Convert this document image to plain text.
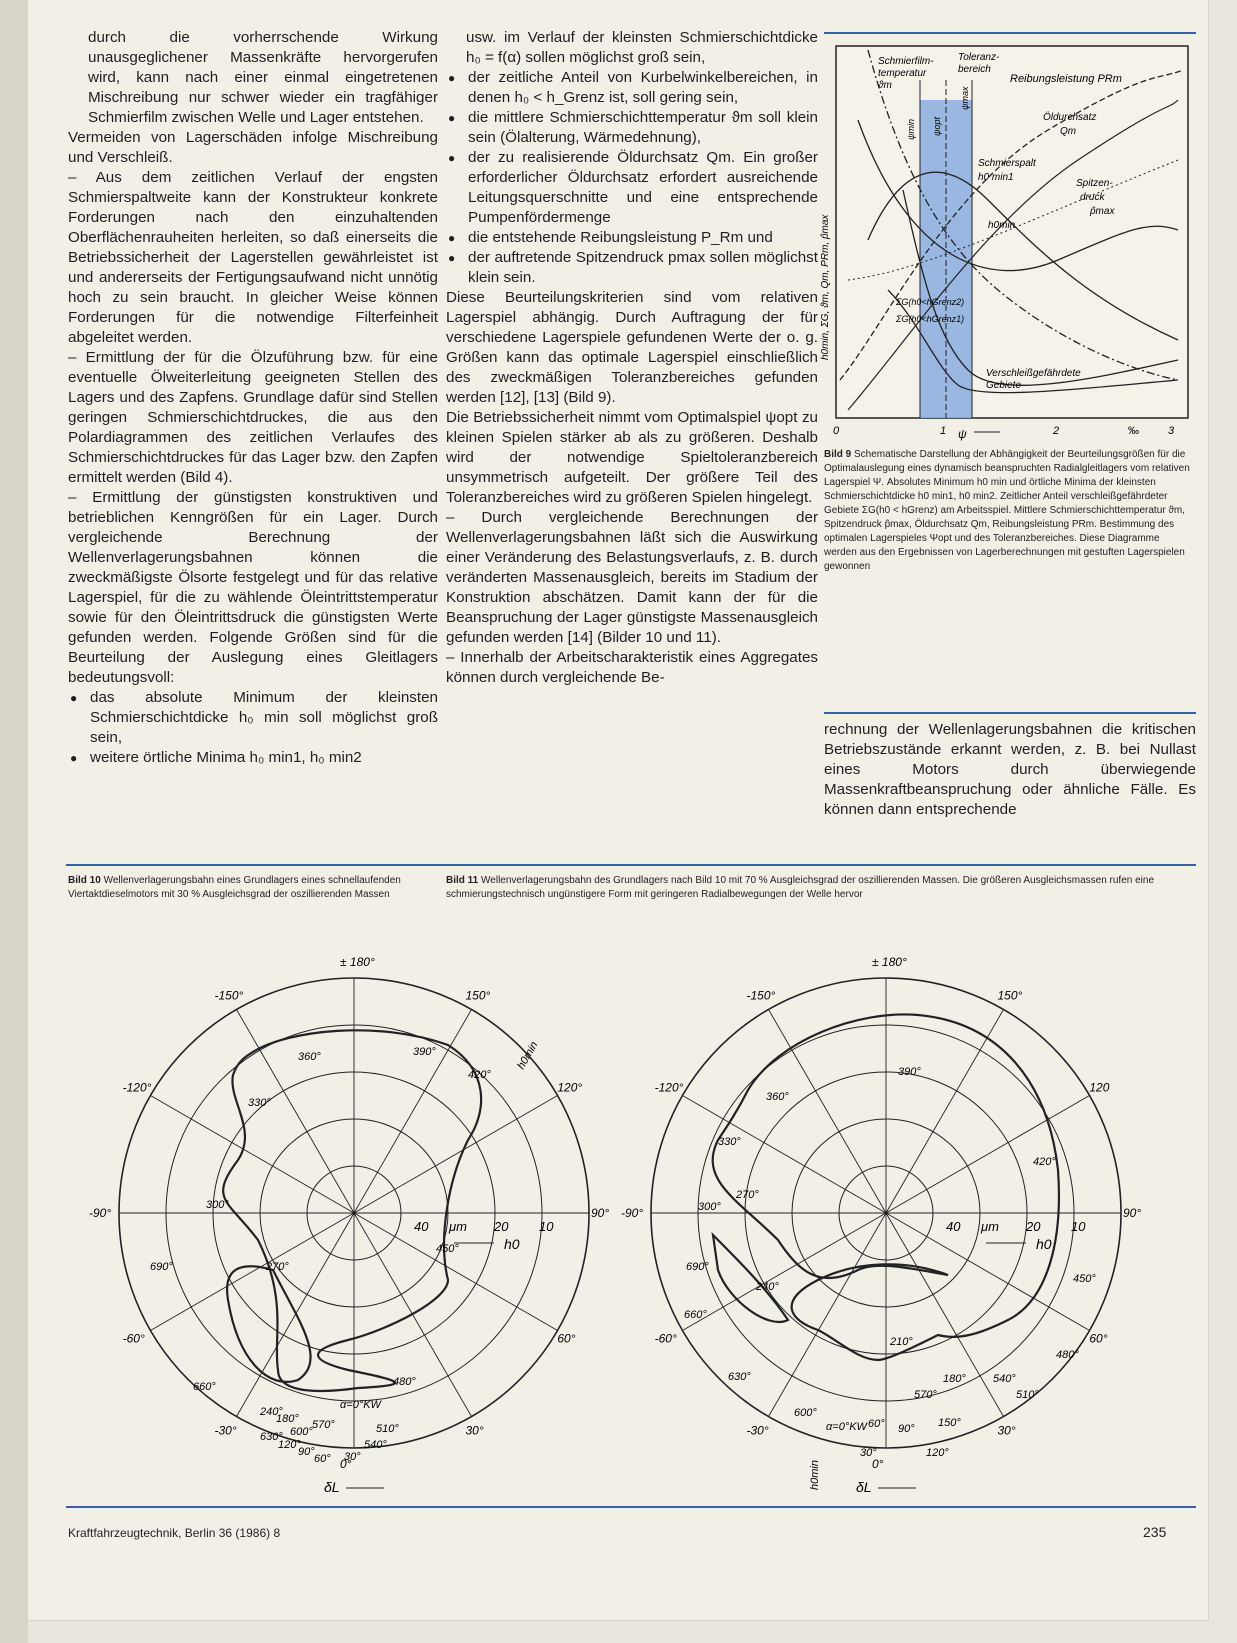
durch die vorherrschende Wirkung unausgeglichener Massenkräfte hervorgerufen wird, kann nach einer einmal eingetretenen Mischreibung nur schwer wieder ein tragfähiger Schmierfilm zwischen Welle und Lager entstehen.

Vermeiden von Lagerschäden infolge Mischreibung und Verschleiß.

– Aus dem zeitlichen Verlauf der engsten Schmierspaltweite kann der Konstrukteur konkrete Forderungen nach den einzuhaltenden Oberflächenrauheiten herleiten, so daß einerseits die Betriebssicherheit der Lagerstellen gewährleistet ist und andererseits der Fertigungsaufwand nicht unnötig hoch zu sein braucht. In gleicher Weise können Forderungen für die notwendige Filterfeinheit abgeleitet werden.

– Ermittlung der für die Ölzuführung bzw. für eine eventuelle Ölweiterleitung geeigneten Stellen des Lagers und des Zapfens. Grundlage dafür sind Stellen geringen Schmierschichtdruckes, die aus den Polardiagrammen des zeitlichen Verlaufes des Schmierschichtdruckes für das Lager bzw. den Zapfen ermittelt werden (Bild 4).

– Ermittlung der günstigsten konstruktiven und betrieblichen Kenngrößen für ein Lager. Durch vergleichende Berechnung der Wellenverlagerungsbahnen können die zweckmäßigste Ölsorte festgelegt und für das relative Lagerspiel, für die zu wählende Öleintrittstemperatur sowie für den Öleintrittsdruck die günstigsten Werte gefunden werden. Folgende Größen sind für die Beurteilung der Auslegung eines Gleitlagers bedeutungsvoll:

● das absolute Minimum der kleinsten Schmierschichtdicke h₀ min soll möglichst groß sein,

● weitere örtliche Minima h₀ min1, h₀ min2

usw. im Verlauf der kleinsten Schmierschichtdicke h₀ = f(α) sollen möglichst groß sein,

● der zeitliche Anteil von Kurbelwinkelbereichen, in denen h₀ < h_Grenz ist, soll gering sein,

● die mittlere Schmierschichttemperatur ϑm soll klein sein (Ölalterung, Wärmedehnung),

● der zu realisierende Öldurchsatz Qm. Ein großer erforderlicher Öldurchsatz erfordert ausreichende Leitungsquerschnitte und eine entsprechende Pumpenfördermenge

● die entstehende Reibungsleistung P_Rm und

● der auftretende Spitzendruck pmax sollen möglichst klein sein.

Diese Beurteilungskriterien sind vom relativen Lagerspiel abhängig. Durch Auftragung der für verschiedene Lagerspiele gefundenen Werte der o. g. Größen kann das optimale Lagerspiel einschließlich des zweckmäßigen Toleranzbereiches gefunden werden [12], [13] (Bild 9).

Die Betriebssicherheit nimmt vom Optimalspiel ψopt zu kleinen Spielen stärker ab als zu größeren. Deshalb wird der notwendige Spieltoleranzbereich unsymmetrisch aufgeteilt. Der größere Teil des Toleranzbereiches wird zu größeren Spielen hingelegt.

– Durch vergleichende Berechnungen der Wellenverlagerungsbahnen läßt sich die Auswirkung einer Veränderung des Belastungsverlaufs, z. B. durch veränderten Massenausgleich, bereits im Stadium der Konstruktion abschätzen. Damit kann der für die Beanspruchung der Lager günstigste Massenausgleich gefunden werden [14] (Bilder 10 und 11).

– Innerhalb der Arbeitscharakteristik eines Aggregates können durch vergleichende Be-

Schmierfilm-
temperatur
ϑm
Toleranz-
bereich
Reibungsleistung PRm
Öldurchsatz
Qm
Schmierspalt
h0 min1
Spitzen-
druck
p̂max
h0min
ΣG(h0<hGrenz2)
ΣG(h0<hGrenz1)
Verschleißgefährdete
Gebiete
ψmin ψopt
ψmax
h0min, ΣG, ϑm, Qm, PRm, p̂max
0	1	2	3
ψ	‰
Bild 9 Schematische Darstellung der Abhängigkeit der Beurteilungsgrößen für die Optimalauslegung eines dynamisch beanspruchten Radialgleitlagers vom relativen Lagerspiel Ψ. Absolutes Minimum h0 min und örtliche Minima der kleinsten Schmierschichtdicke h0 min1, h0 min2. Zeitlicher Anteil verschleißgefährdeter Gebiete ΣG(h0 < hGrenz) am Arbeitsspiel. Mittlere Schmierschichttemperatur ϑm, Spitzendruck p̂max, Öldurchsatz Qm, Reibungsleistung PRm. Bestimmung des optimalen Lagerspieles Ψopt und des Toleranzbereiches. Diese Diagramme werden aus den Ergebnissen von Lagerberechnungen mit gestuften Lagerspielen gewonnen

rechnung der Wellenlagerungsbahnen die kritischen Betriebszustände erkannt werden, z. B. bei Nullast eines Motors durch überwiegende Massenkraftbeanspruchung oder ähnliche Fälle. Es können dann entsprechende

Bild 10 Wellenverlagerungsbahn eines Grundlagers eines schnellaufenden Viertaktdieselmotors mit 30 % Ausgleichsgrad der oszillierenden Massen
Bild 11 Wellenverlagerungsbahn des Grundlagers nach Bild 10 mit 70 % Ausgleichsgrad der oszillierenden Massen. Die größeren Ausgleichsmassen rufen eine schmierungstechnisch ungünstigere Form mit geringeren Radialbewegungen der Welle hervor
± 180°
150°
120°
90°
60°
30°
0°
-30°
-60°
-90°
-120°
-150°
40 μm 20 10
h0
δL
360°	390°
420°
330°
300°
450°
690°	270°
660°	480°
240°
180° 570°
600°
630°
120°	540°
510°
90°
60° 30°
h0min
α=0°KW
± 180°
150°
120
90°
60°
30°
0°
-30°
-60°
-90°
-120°
-150°
40 μm 20 10
h0
δL
390°
360°
330°
420°
270°
300°
690°
240°
450°
660°
210°
480°
630°	180° 540°
570°	510°
600°
60° 90° 150°
30°	120°
α=0°KW
h0min
Kraftfahrzeugtechnik, Berlin 36 (1986) 8	235
